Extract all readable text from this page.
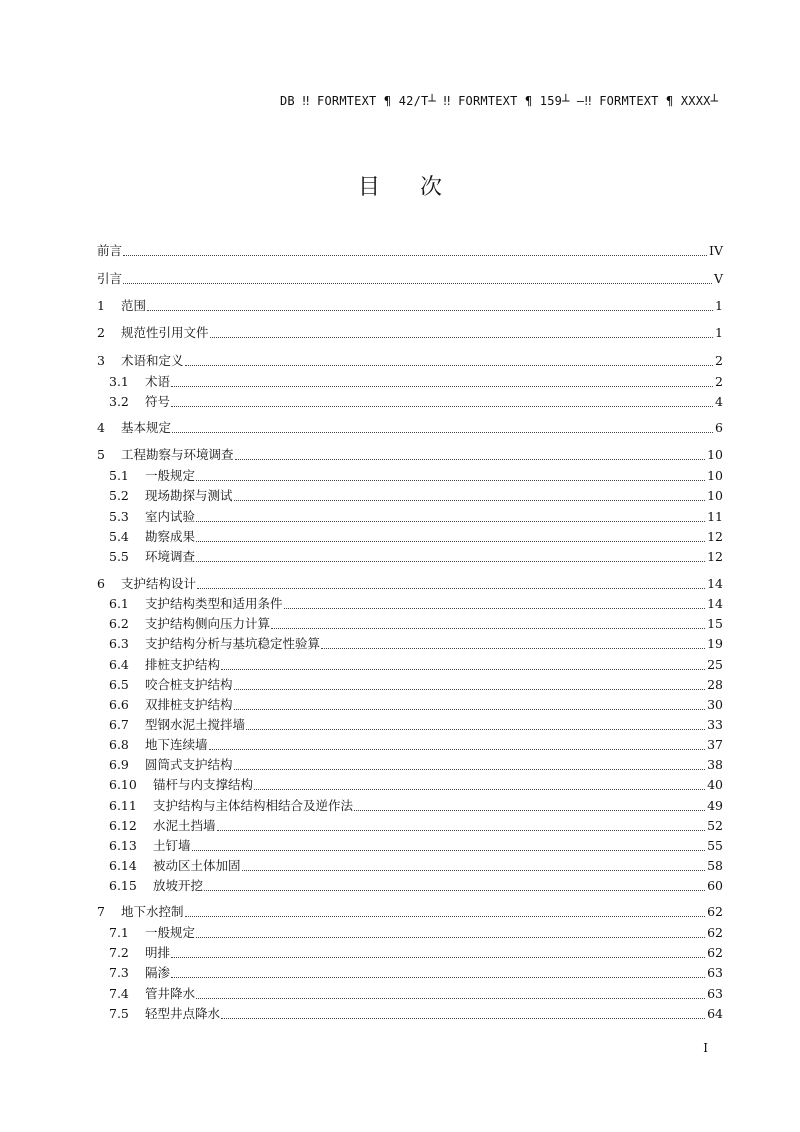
DB ‼ FORMTEXT ¶ 42/T┴ ‼ FORMTEXT ¶ 159┴ —‼ FORMTEXT ¶ XXXX┴
目次
前言	IV
引言	V
1	范围	1
2	规范性引用文件	1
3	术语和定义	2
3.1	术语	2
3.2	符号	4
4	基本规定	6
5	工程勘察与环境调查	10
5.1	一般规定	10
5.2	现场勘探与测试	10
5.3	室内试验	11
5.4	勘察成果	12
5.5	环境调查	12
6	支护结构设计	14
6.1	支护结构类型和适用条件	14
6.2	支护结构侧向压力计算	15
6.3	支护结构分析与基坑稳定性验算	19
6.4	排桩支护结构	25
6.5	咬合桩支护结构	28
6.6	双排桩支护结构	30
6.7	型钢水泥土搅拌墙	33
6.8	地下连续墙	37
6.9	圆筒式支护结构	38
6.10	锚杆与内支撑结构	40
6.11	支护结构与主体结构相结合及逆作法	49
6.12	水泥土挡墙	52
6.13	土钉墙	55
6.14	被动区土体加固	58
6.15	放坡开挖	60
7	地下水控制	62
7.1	一般规定	62
7.2	明排	62
7.3	隔渗	63
7.4	管井降水	63
7.5	轻型井点降水	64
I
